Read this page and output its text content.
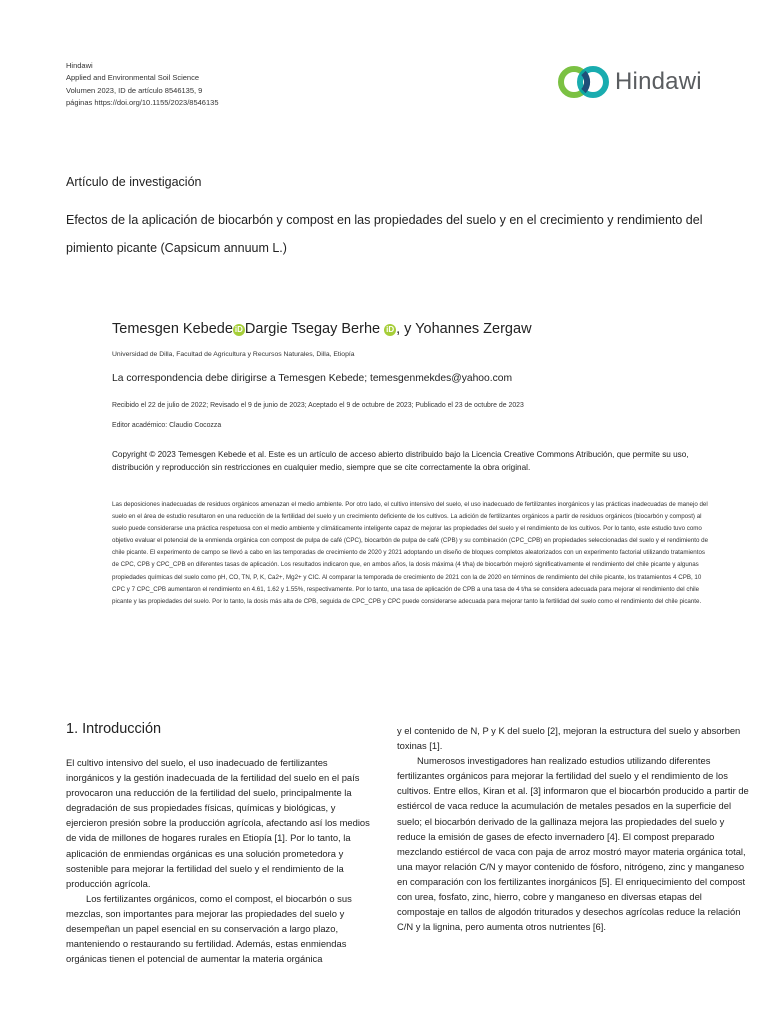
Hindawi
Applied and Environmental Soil Science
Volumen 2023, ID de artículo 8546135, 9
páginas https://doi.org/10.1155/2023/8546135
Hindawi
Artículo de investigación
Efectos de la aplicación de biocarbón y compost en las propiedades del suelo y en el crecimiento y rendimiento del pimiento picante (Capsicum annuum L.)
Temesgen Kebede iD Dargie Tsegay Berhe iD , y Yohannes Zergaw
Universidad de Dilla, Facultad de Agricultura y Recursos Naturales, Dilla, Etiopía
La correspondencia debe dirigirse a Temesgen Kebede; temesgenmekdes@yahoo.com
Recibido el 22 de julio de 2022; Revisado el 9 de junio de 2023; Aceptado el 9 de octubre de 2023; Publicado el 23 de octubre de 2023
Editor académico: Claudio Cocozza
Copyright © 2023 Temesgen Kebede et al. Este es un artículo de acceso abierto distribuido bajo la Licencia Creative Commons Atribución, que permite su uso, distribución y reproducción sin restricciones en cualquier medio, siempre que se cite correctamente la obra original.
Las deposiciones inadecuadas de residuos orgánicos amenazan el medio ambiente. Por otro lado, el cultivo intensivo del suelo, el uso inadecuado de fertilizantes inorgánicos y las prácticas inadecuadas de manejo del suelo en el área de estudio resultaron en una reducción de la fertilidad del suelo y un crecimiento deficiente de los cultivos. La adición de fertilizantes orgánicos a partir de residuos orgánicos (biocarbón y compost) al suelo puede considerarse una práctica respetuosa con el medio ambiente y climáticamente inteligente capaz de mejorar las propiedades del suelo y el rendimiento de los cultivos. Por lo tanto, este estudio tuvo como objetivo evaluar el potencial de la enmienda orgánica con compost de pulpa de café (CPC), biocarbón de pulpa de café (CPB) y su combinación (CPC_CPB) en propiedades seleccionadas del suelo y el rendimiento de chile picante. El experimento de campo se llevó a cabo en las temporadas de crecimiento de 2020 y 2021 adoptando un diseño de bloques completos aleatorizados con un experimento factorial utilizando tratamientos de CPC, CPB y CPC_CPB en diferentes tasas de aplicación. Los resultados indicaron que, en ambos años, la dosis máxima (4 t/ha) de biocarbón mejoró significativamente el rendimiento del chile picante y algunas propiedades químicas del suelo como pH, CO, TN, P, K, Ca2+, Mg2+ y CIC. Al comparar la temporada de crecimiento de 2021 con la de 2020 en términos de rendimiento del chile picante, los tratamientos 4 CPB, 10 CPC y 7 CPC_CPB aumentaron el rendimiento en 4.61, 1.62 y 1.55%, respectivamente. Por lo tanto, una tasa de aplicación de CPB a una tasa de 4 t/ha se considera adecuada para mejorar el rendimiento del chile picante y las propiedades del suelo. Por lo tanto, la dosis más alta de CPB, seguida de CPC_CPB y CPC puede considerarse adecuada para mejorar tanto la fertilidad del suelo como el rendimiento del chile picante.
1. Introducción

El cultivo intensivo del suelo, el uso inadecuado de fertilizantes inorgánicos y la gestión inadecuada de la fertilidad del suelo en el país provocaron una reducción de la fertilidad del suelo, principalmente la degradación de sus propiedades físicas, químicas y biológicas, y ejercieron presión sobre la producción agrícola, afectando así los medios de vida de millones de hogares rurales en Etiopía [1]. Por lo tanto, la aplicación de enmiendas orgánicas es una solución prometedora y sostenible para mejorar la fertilidad del suelo y el rendimiento de la producción agrícola.

Los fertilizantes orgánicos, como el compost, el biocarbón o sus mezclas, son importantes para mejorar las propiedades del suelo y desempeñan un papel esencial en su conservación a largo plazo, manteniendo o restaurando su fertilidad. Además, estas enmiendas orgánicas tienen el potencial de aumentar la materia orgánica

y el contenido de N, P y K del suelo [2], mejoran la estructura del suelo y absorben toxinas [1].

Numerosos investigadores han realizado estudios utilizando diferentes fertilizantes orgánicos para mejorar la fertilidad del suelo y el rendimiento de los cultivos. Entre ellos, Kiran et al. [3] informaron que el biocarbón producido a partir de estiércol de vaca reduce la acumulación de metales pesados en la superficie del suelo; el biocarbón derivado de la gallinaza mejora las propiedades del suelo y reduce la emisión de gases de efecto invernadero [4]. El compost preparado mezclando estiércol de vaca con paja de arroz mostró mayor materia orgánica total, una mayor relación C/N y mayor contenido de fósforo, nitrógeno, zinc y manganeso en comparación con los fertilizantes inorgánicos [5]. El enriquecimiento del compost con urea, fosfato, zinc, hierro, cobre y manganeso en diversas etapas del compostaje en tallos de algodón triturados y desechos agrícolas reduce la relación C/N y la lignina, pero aumenta otros nutrientes [6].
